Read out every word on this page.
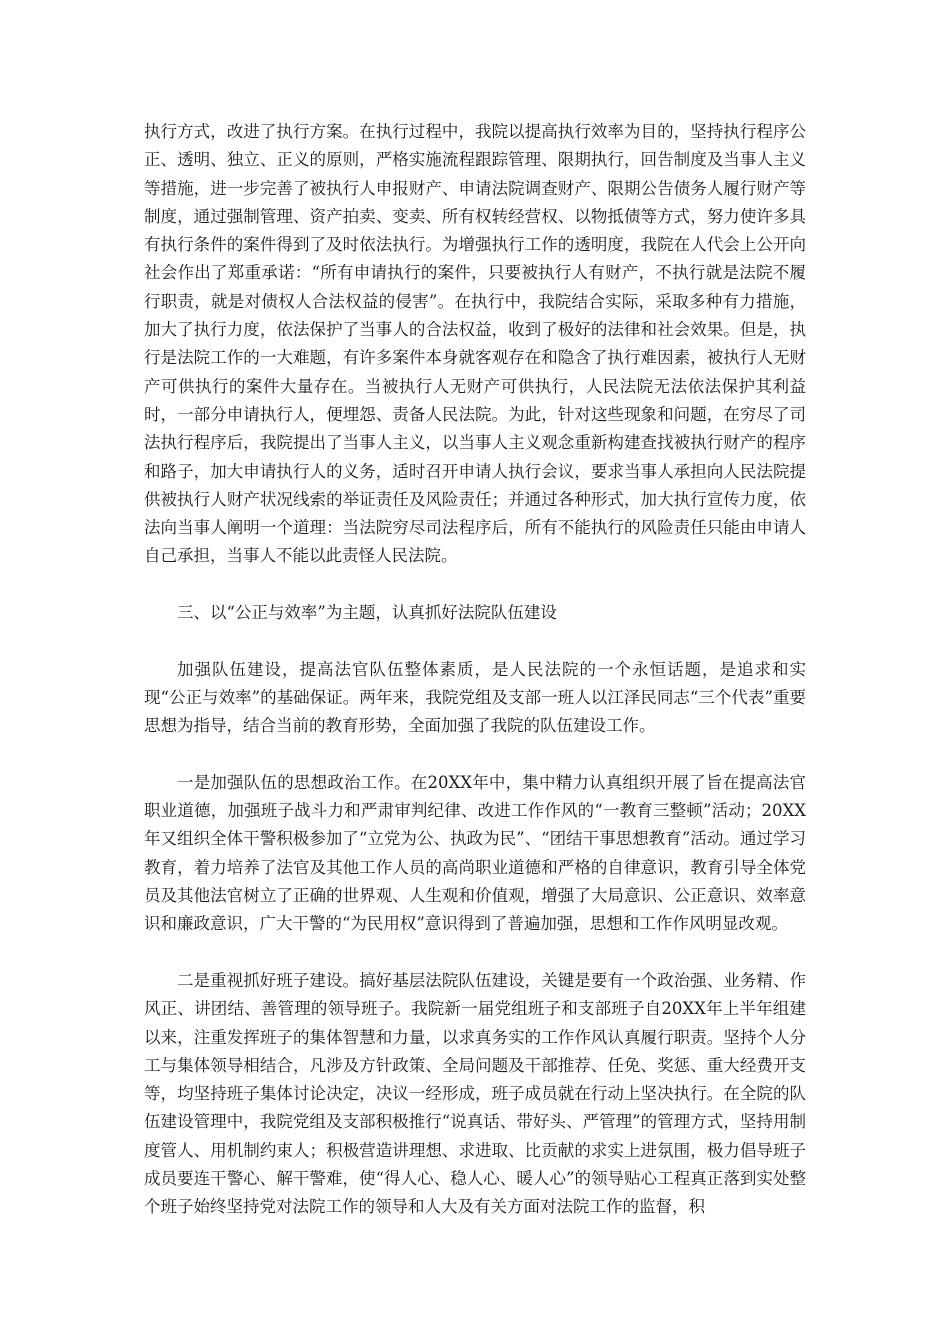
执行方式，改进了执行方案。在执行过程中，我院以提高执行效率为目的，坚持执行程序公正、透明、独立、正义的原则，严格实施流程跟踪管理、限期执行，回告制度及当事人主义等措施，进一步完善了被执行人申报财产、申请法院调查财产、限期公告债务人履行财产等制度，通过强制管理、资产拍卖、变卖、所有权转经营权、以物抵债等方式，努力使许多具有执行条件的案件得到了及时依法执行。为增强执行工作的透明度，我院在人代会上公开向社会作出了郑重承诺：“所有申请执行的案件，只要被执行人有财产，不执行就是法院不履行职责，就是对债权人合法权益的侵害”。在执行中，我院结合实际，采取多种有力措施，加大了执行力度，依法保护了当事人的合法权益，收到了极好的法律和社会效果。但是，执行是法院工作的一大难题，有许多案件本身就客观存在和隐含了执行难因素，被执行人无财产可供执行的案件大量存在。当被执行人无财产可供执行，人民法院无法依法保护其利益时，一部分申请执行人，便埋怨、责备人民法院。为此，针对这些现象和问题，在穷尽了司法执行程序后，我院提出了当事人主义，以当事人主义观念重新构建查找被执行财产的程序和路子，加大申请执行人的义务，适时召开申请人执行会议，要求当事人承担向人民法院提供被执行人财产状况线索的举证责任及风险责任；并通过各种形式，加大执行宣传力度，依法向当事人阐明一个道理：当法院穷尽司法程序后，所有不能执行的风险责任只能由申请人自己承担，当事人不能以此责怪人民法院。

三、以“公正与效率”为主题，认真抓好法院队伍建设

加强队伍建设，提高法官队伍整体素质，是人民法院的一个永恒话题，是追求和实现“公正与效率”的基础保证。两年来，我院党组及支部一班人以江泽民同志“三个代表”重要思想为指导，结合当前的教育形势，全面加强了我院的队伍建设工作。

一是加强队伍的思想政治工作。在20XX年中，集中精力认真组织开展了旨在提高法官职业道德，加强班子战斗力和严肃审判纪律、改进工作作风的“一教育三整顿”活动；20XX年又组织全体干警积极参加了“立党为公、执政为民”、“团结干事思想教育”活动。通过学习教育，着力培养了法官及其他工作人员的高尚职业道德和严格的自律意识，教育引导全体党员及其他法官树立了正确的世界观、人生观和价值观，增强了大局意识、公正意识、效率意识和廉政意识，广大干警的“为民用权”意识得到了普遍加强，思想和工作作风明显改观。

二是重视抓好班子建设。搞好基层法院队伍建设，关键是要有一个政治强、业务精、作风正、讲团结、善管理的领导班子。我院新一届党组班子和支部班子自20XX年上半年组建以来，注重发挥班子的集体智慧和力量，以求真务实的工作作风认真履行职责。坚持个人分工与集体领导相结合，凡涉及方针政策、全局问题及干部推荐、任免、奖惩、重大经费开支等，均坚持班子集体讨论决定，决议一经形成，班子成员就在行动上坚决执行。在全院的队伍建设管理中，我院党组及支部积极推行“说真话、带好头、严管理”的管理方式，坚持用制度管人、用机制约束人；积极营造讲理想、求进取、比贡献的求实上进氛围，极力倡导班子成员要连干警心、解干警难，使“得人心、稳人心、暖人心”的领导贴心工程真正落到实处整个班子始终坚持党对法院工作的领导和人大及有关方面对法院工作的监督，积
